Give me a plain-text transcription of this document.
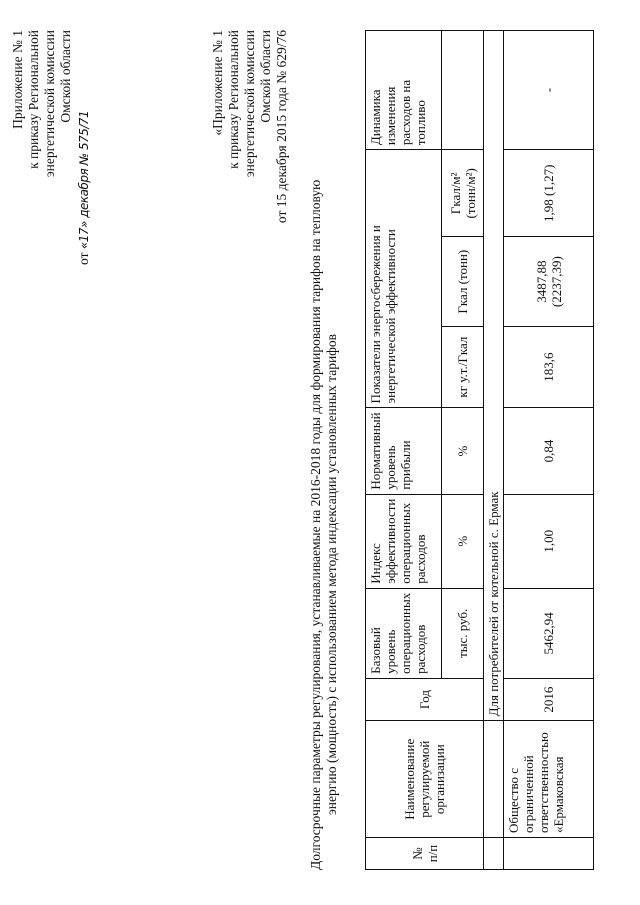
Приложение № 1 к приказу Региональной энергетической комиссии Омской области
от «17» декабря № 575/71
«Приложение № 1 к приказу Региональной энергетической комиссии Омской области от 15 декабря 2015 года № 629/76
Долгосрочные параметры регулирования, устанавливаемые на 2016-2018 годы для формирования тарифов на тепловую энергию (мощность) с использованием метода индексации установленных тарифов
№ п/п	Наименование регулируемой организации	Год	Базовый уровень операционных расходов	Индекс эффективности операционных расходов	Нормативный уровень прибыли	Показатели энергосбережения и энергетической эффективности			Динамика изменения расходов на топливо
			тыс. руб.	%	%	кг у.т./Гкал	Гкал (тонн)	Гкал/м² (тонн/м²)	
		Для потребителей от котельной с. Ермак							
	Общество с ограниченной ответственностью «Ермаковская	2016	5462,94	1,00	0,84	183,6	3487,88 (2237,39)	1,98 (1,27)	-
